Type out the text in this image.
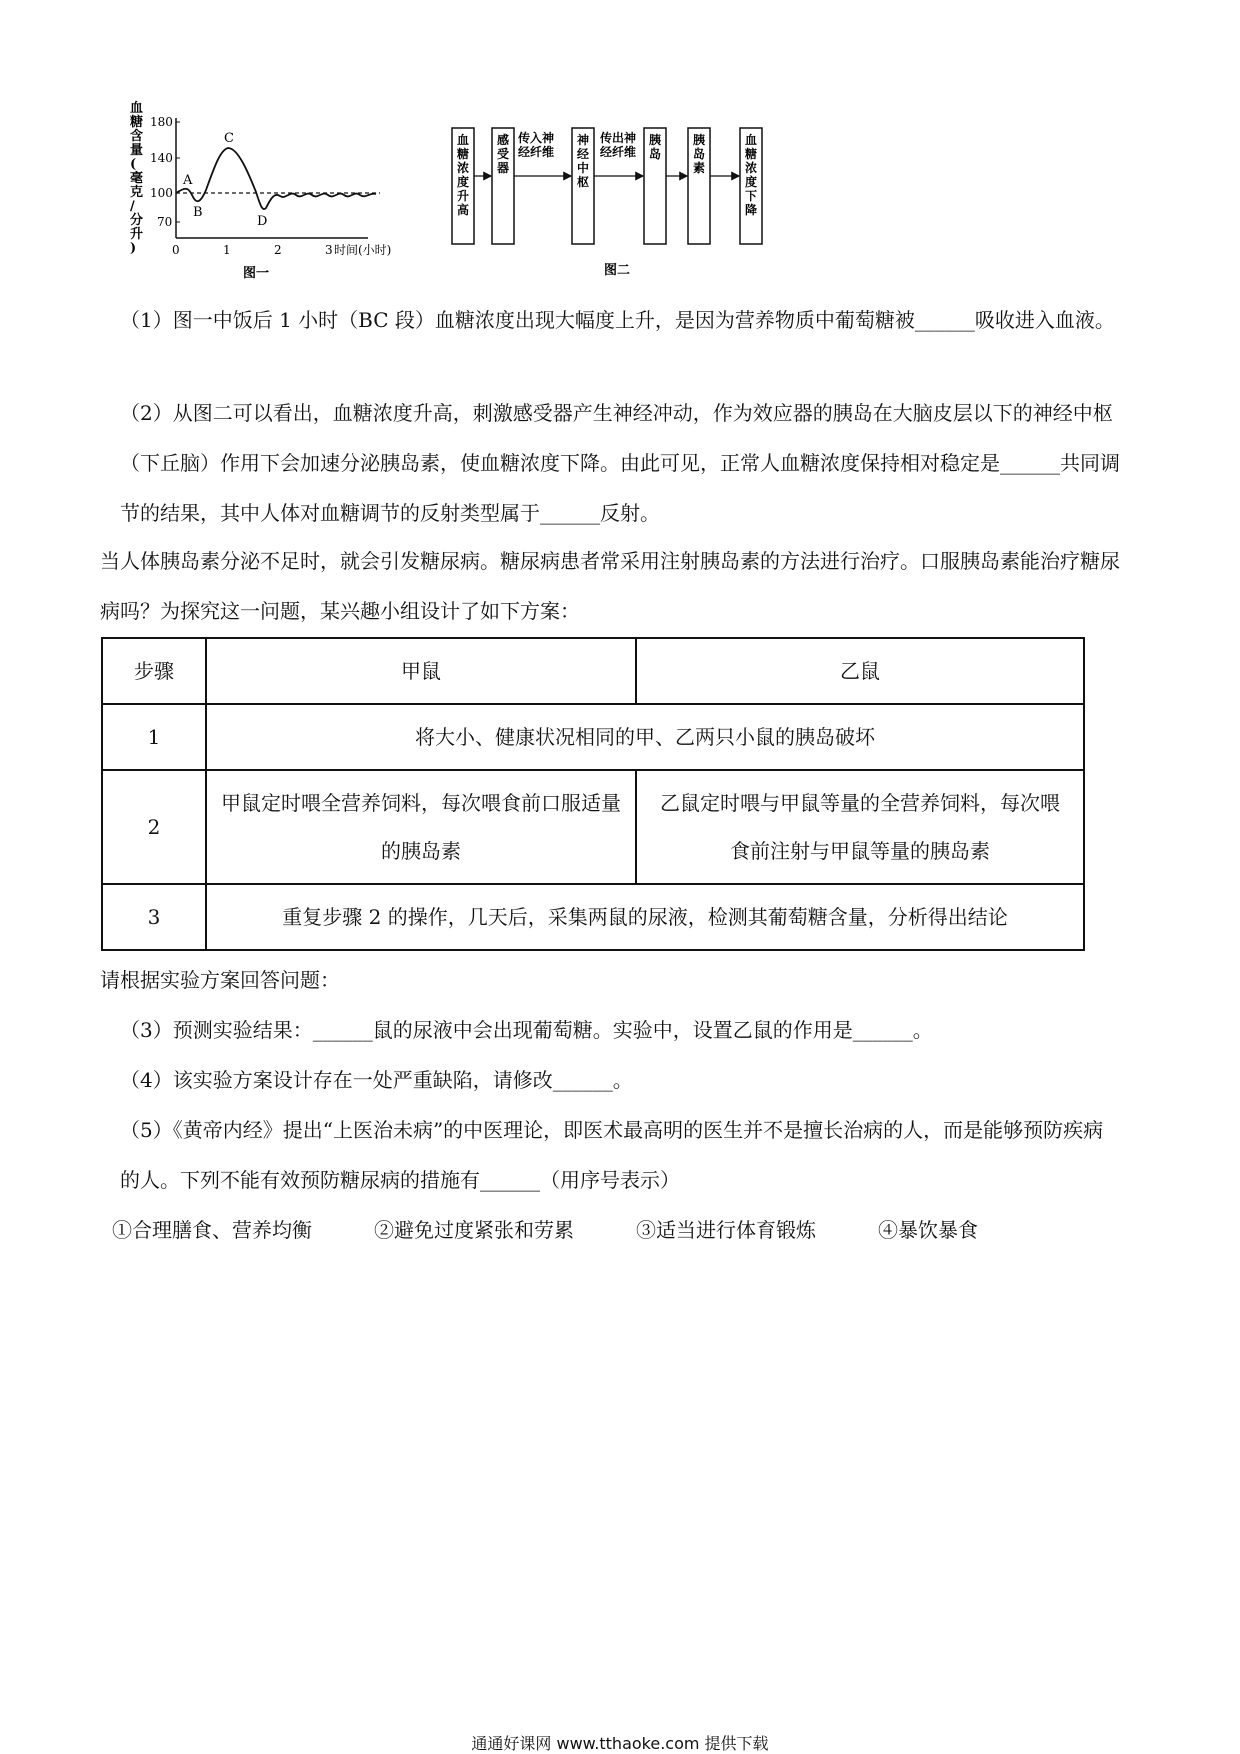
血糖含量(毫克/分升)
180
140
100
70
0	1	2	3 时间(小时)
A
B
C
D
图一
血糖浓度升高
感受器
神经中枢
胰岛
胰岛素
血糖浓度下降
传入神经纤维
传出神经纤维
图二

（1）图一中饭后 1 小时（BC 段）血糖浓度出现大幅度上升，是因为营养物质中葡萄糖被______吸收进入血液。

（2）从图二可以看出，血糖浓度升高，刺激感受器产生神经冲动，作为效应器的胰岛在大脑皮层以下的神经中枢（下丘脑）作用下会加速分泌胰岛素，使血糖浓度下降。由此可见，正常人血糖浓度保持相对稳定是______共同调节的结果，其中人体对血糖调节的反射类型属于______反射。

当人体胰岛素分泌不足时，就会引发糖尿病。糖尿病患者常采用注射胰岛素的方法进行治疗。口服胰岛素能治疗糖尿病吗？为探究这一问题，某兴趣小组设计了如下方案：

步骤	甲鼠	乙鼠
1	将大小、健康状况相同的甲、乙两只小鼠的胰岛破坏	
2	甲鼠定时喂全营养饲料，每次喂食前口服适量的胰岛素	乙鼠定时喂与甲鼠等量的全营养饲料，每次喂食前注射与甲鼠等量的胰岛素
3	重复步骤 2 的操作，几天后，采集两鼠的尿液，检测其葡萄糖含量，分析得出结论	

请根据实验方案回答问题：

（3）预测实验结果：______鼠的尿液中会出现葡萄糖。实验中，设置乙鼠的作用是______。

（4）该实验方案设计存在一处严重缺陷，请修改______。

（5）《黄帝内经》提出“上医治未病”的中医理论，即医术最高明的医生并不是擅长治病的人，而是能够预防疾病的人。下列不能有效预防糖尿病的措施有______（用序号表示）

①合理膳食、营养均衡	②避免过度紧张和劳累	③适当进行体育锻炼	④暴饮暴食
通通好课网 www.tthaoke.com 提供下载
